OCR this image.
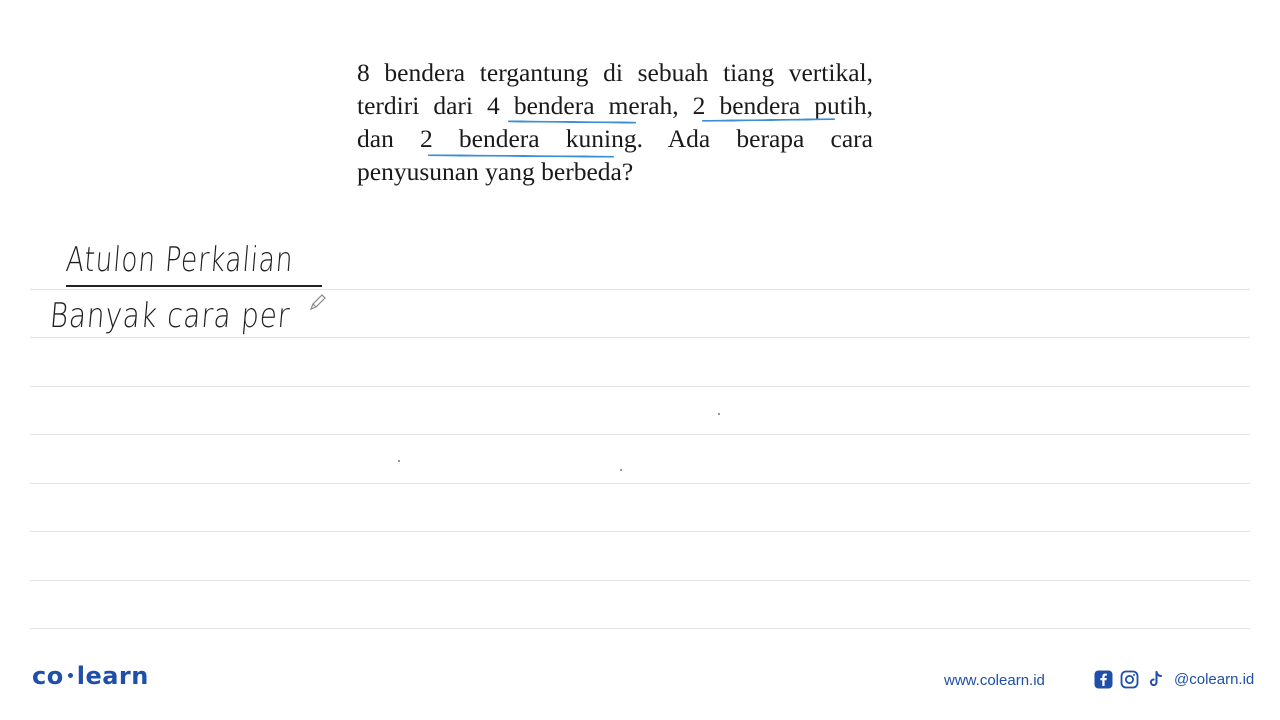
8 bendera tergantung di sebuah tiang vertikal,
terdiri dari 4 bendera merah, 2 bendera putih,
dan 2 bendera kuning. Ada berapa cara
penyusunan yang berbeda?
Atulon Perkalian
Banyak cara per
co learn	www.colearn.id	@colearn.id
